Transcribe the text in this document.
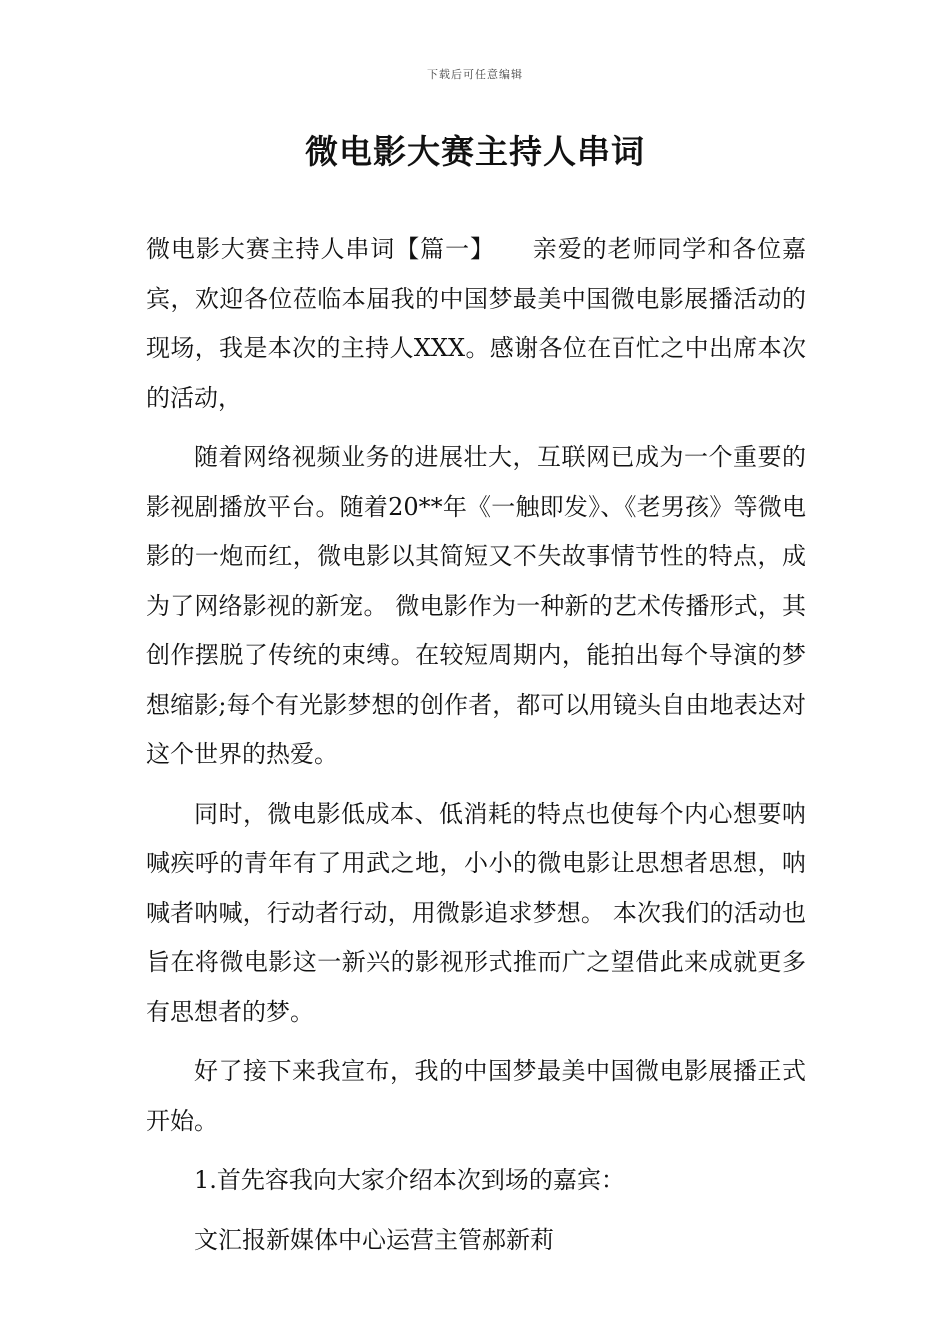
下载后可任意编辑
微电影大赛主持人串词

微电影大赛主持人串词【篇一】　　亲爱的老师同学和各位嘉宾，欢迎各位莅临本届我的中国梦最美中国微电影展播活动的现场，我是本次的主持人XXX。感谢各位在百忙之中出席本次的活动，

随着网络视频业务的进展壮大，互联网已成为一个重要的影视剧播放平台。随着20**年《一触即发》、《老男孩》等微电影的一炮而红，微电影以其简短又不失故事情节性的特点，成为了网络影视的新宠。 微电影作为一种新的艺术传播形式，其创作摆脱了传统的束缚。在较短周期内，能拍出每个导演的梦想缩影;每个有光影梦想的创作者，都可以用镜头自由地表达对这个世界的热爱。

同时，微电影低成本、低消耗的特点也使每个内心想要呐喊疾呼的青年有了用武之地，小小的微电影让思想者思想，呐喊者呐喊，行动者行动，用微影追求梦想。 本次我们的活动也旨在将微电影这一新兴的影视形式推而广之望借此来成就更多有思想者的梦。

好了接下来我宣布，我的中国梦最美中国微电影展播正式开始。

1.首先容我向大家介绍本次到场的嘉宾：
文汇报新媒体中心运营主管郝新莉
